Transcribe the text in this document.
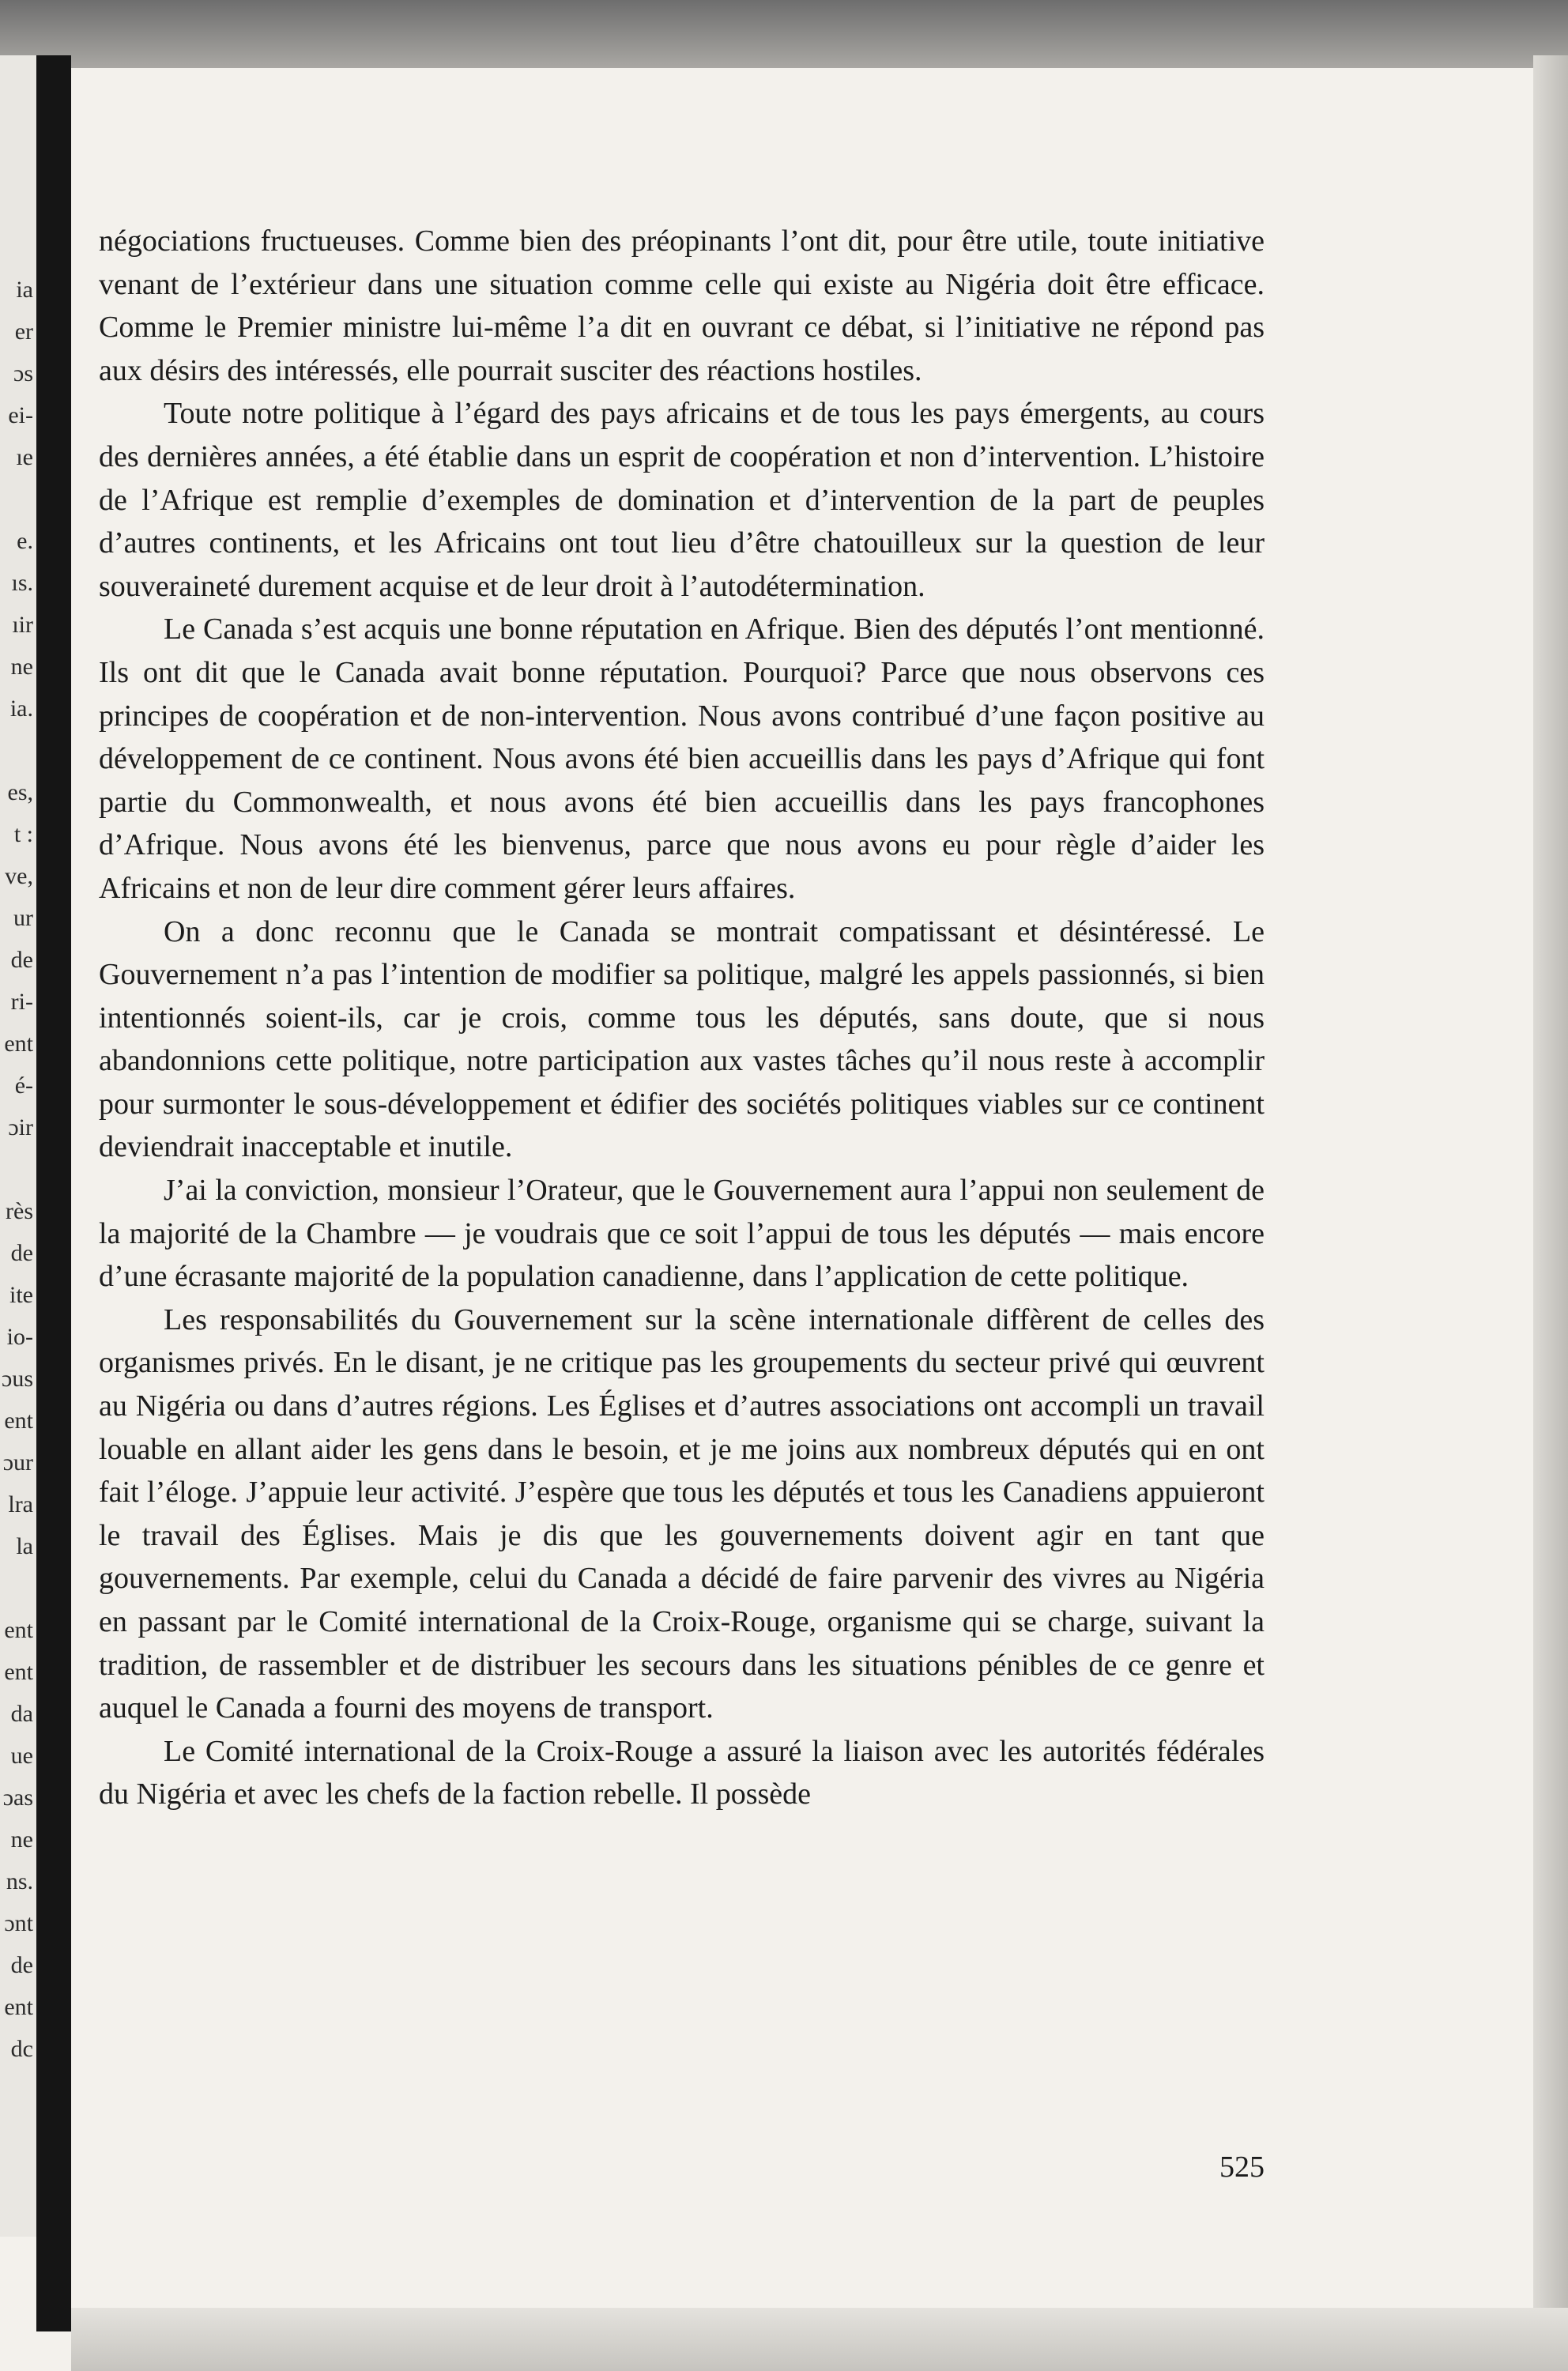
ia
er
ɔs
ei-
ıe
e.
ıs.
ıir
ne
ia.
es,
t :
ve,
ur
de
ri-
ent
é-
ɔir
rès
de
ite
io-
ɔus
ent
ɔur
lra
la
ent
ent
da
ue
ɔas
ne
ns.
ɔnt
de
ent
dc

négociations fructueuses. Comme bien des préopinants l’ont dit, pour être utile, toute initiative venant de l’extérieur dans une situation comme celle qui existe au Nigéria doit être efficace. Comme le Premier ministre lui-même l’a dit en ouvrant ce débat, si l’initiative ne répond pas aux désirs des intéressés, elle pourrait susciter des réactions hostiles.

Toute notre politique à l’égard des pays africains et de tous les pays émergents, au cours des dernières années, a été établie dans un esprit de coopération et non d’intervention. L’histoire de l’Afrique est remplie d’exemples de domination et d’intervention de la part de peuples d’autres continents, et les Africains ont tout lieu d’être chatouilleux sur la question de leur souveraineté durement acquise et de leur droit à l’autodétermination.

Le Canada s’est acquis une bonne réputation en Afrique. Bien des députés l’ont mentionné. Ils ont dit que le Canada avait bonne réputation. Pourquoi? Parce que nous observons ces principes de coopération et de non-intervention. Nous avons contribué d’une façon positive au développement de ce continent. Nous avons été bien accueillis dans les pays d’Afrique qui font partie du Commonwealth, et nous avons été bien accueillis dans les pays francophones d’Afrique. Nous avons été les bienvenus, parce que nous avons eu pour règle d’aider les Africains et non de leur dire comment gérer leurs affaires.

On a donc reconnu que le Canada se montrait compatissant et désintéressé. Le Gouvernement n’a pas l’intention de modifier sa politique, malgré les appels passionnés, si bien intentionnés soient-ils, car je crois, comme tous les députés, sans doute, que si nous abandonnions cette politique, notre participation aux vastes tâches qu’il nous reste à accomplir pour surmonter le sous-développement et édifier des sociétés politiques viables sur ce continent deviendrait inacceptable et inutile.

J’ai la conviction, monsieur l’Orateur, que le Gouvernement aura l’appui non seulement de la majorité de la Chambre — je voudrais que ce soit l’appui de tous les députés — mais encore d’une écrasante majorité de la population canadienne, dans l’application de cette politique.

Les responsabilités du Gouvernement sur la scène internationale diffèrent de celles des organismes privés. En le disant, je ne critique pas les groupements du secteur privé qui œuvrent au Nigéria ou dans d’autres régions. Les Églises et d’autres associations ont accompli un travail louable en allant aider les gens dans le besoin, et je me joins aux nombreux députés qui en ont fait l’éloge. J’appuie leur activité. J’espère que tous les députés et tous les Canadiens appuieront le travail des Églises. Mais je dis que les gouvernements doivent agir en tant que gouvernements. Par exemple, celui du Canada a décidé de faire parvenir des vivres au Nigéria en passant par le Comité international de la Croix-Rouge, organisme qui se charge, suivant la tradition, de rassembler et de distribuer les secours dans les situations pénibles de ce genre et auquel le Canada a fourni des moyens de transport.

Le Comité international de la Croix-Rouge a assuré la liaison avec les autorités fédérales du Nigéria et avec les chefs de la faction rebelle. Il possède

525
